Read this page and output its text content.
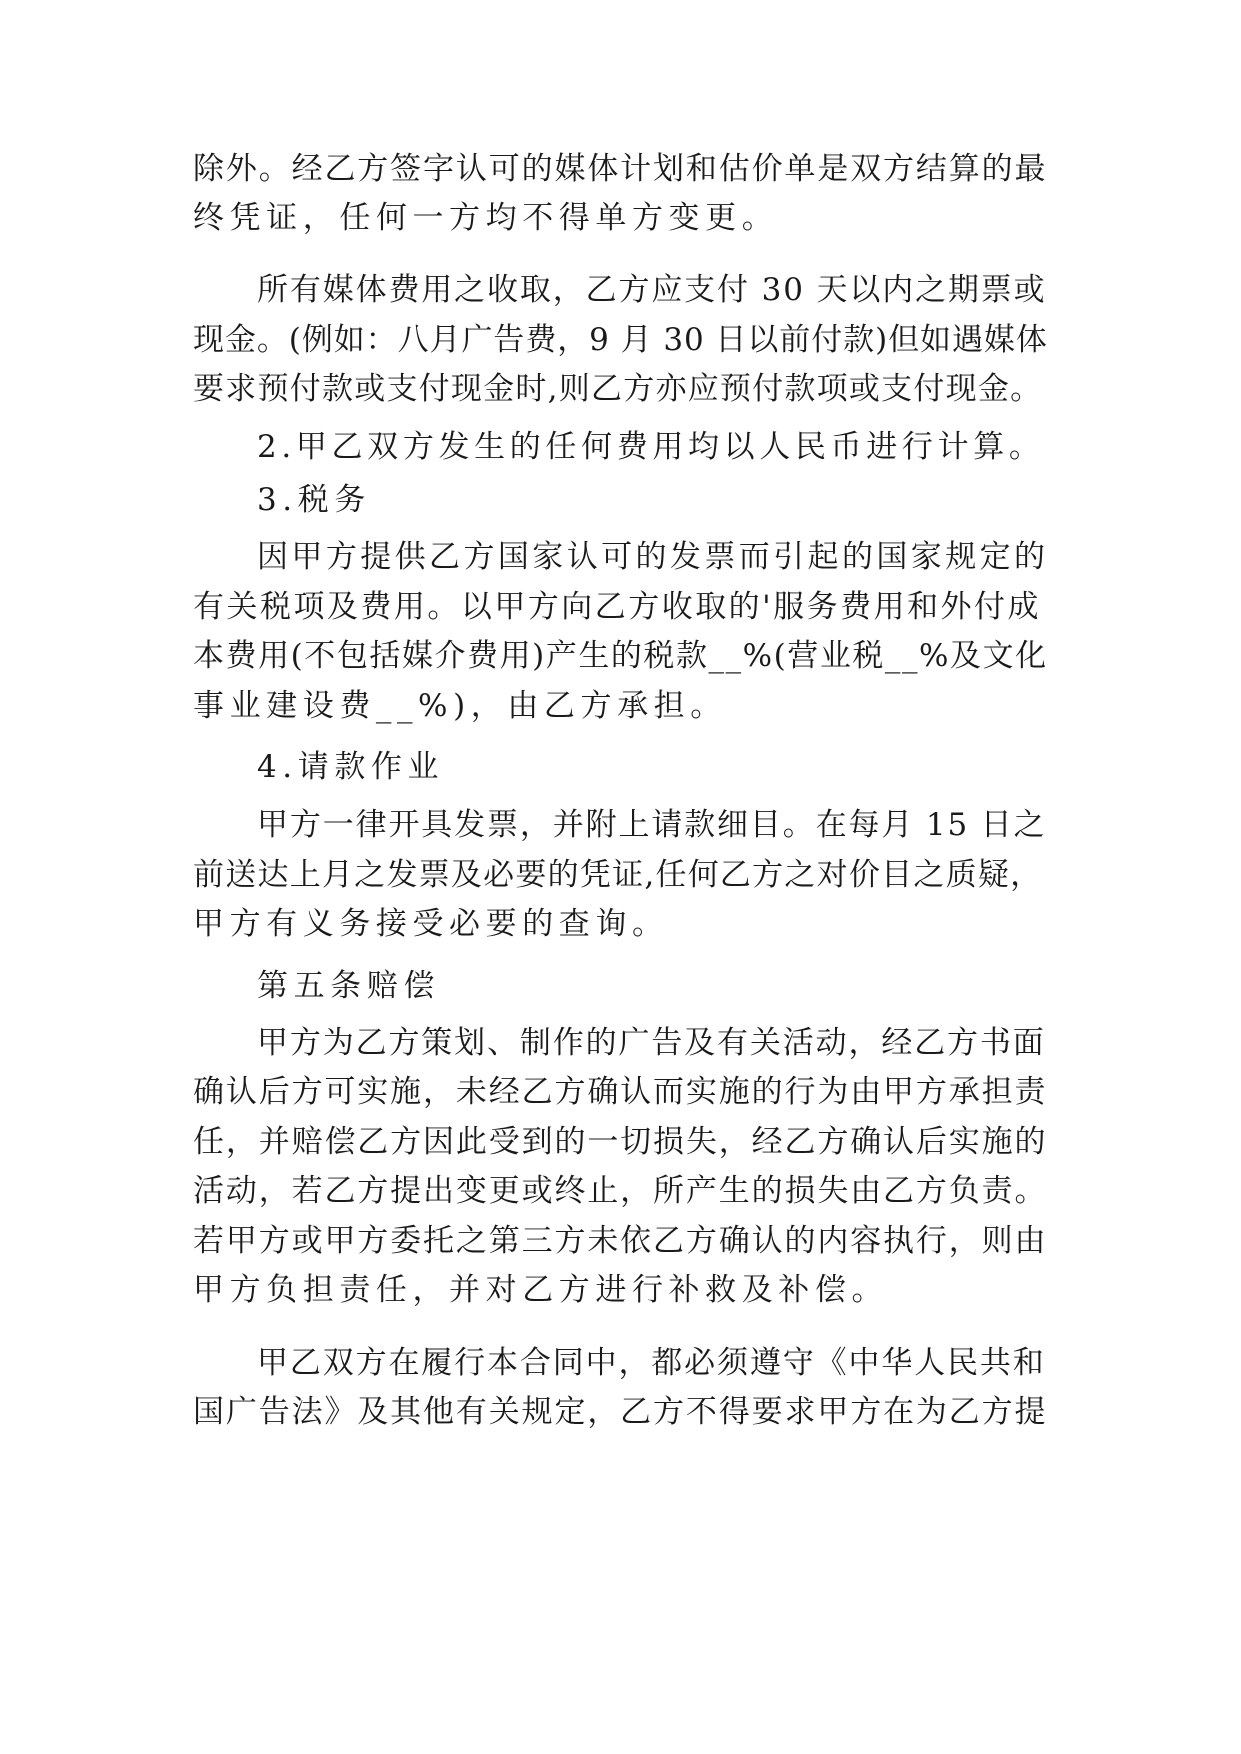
除外。经乙方签字认可的媒体计划和估价单是双方结算的最
终凭证，任何一方均不得单方变更。
所有媒体费用之收取，乙方应支付 30 天以内之期票或
现金。(例如：八月广告费，9 月 30 日以前付款)但如遇媒体
要求预付款或支付现金时,则乙方亦应预付款项或支付现金。
2.甲乙双方发生的任何费用均以人民币进行计算。
3.税务
因甲方提供乙方国家认可的发票而引起的国家规定的
有关税项及费用。以甲方向乙方收取的'服务费用和外付成
本费用(不包括媒介费用)产生的税款__%(营业税__%及文化
事业建设费__%)，由乙方承担。
4.请款作业
甲方一律开具发票，并附上请款细目。在每月 15 日之
前送达上月之发票及必要的凭证,任何乙方之对价目之质疑，
甲方有义务接受必要的查询。
第五条赔偿
甲方为乙方策划、制作的广告及有关活动，经乙方书面
确认后方可实施，未经乙方确认而实施的行为由甲方承担责
任，并赔偿乙方因此受到的一切损失，经乙方确认后实施的
活动，若乙方提出变更或终止，所产生的损失由乙方负责。
若甲方或甲方委托之第三方未依乙方确认的内容执行，则由
甲方负担责任，并对乙方进行补救及补偿。
甲乙双方在履行本合同中，都必须遵守《中华人民共和
国广告法》及其他有关规定，乙方不得要求甲方在为乙方提
